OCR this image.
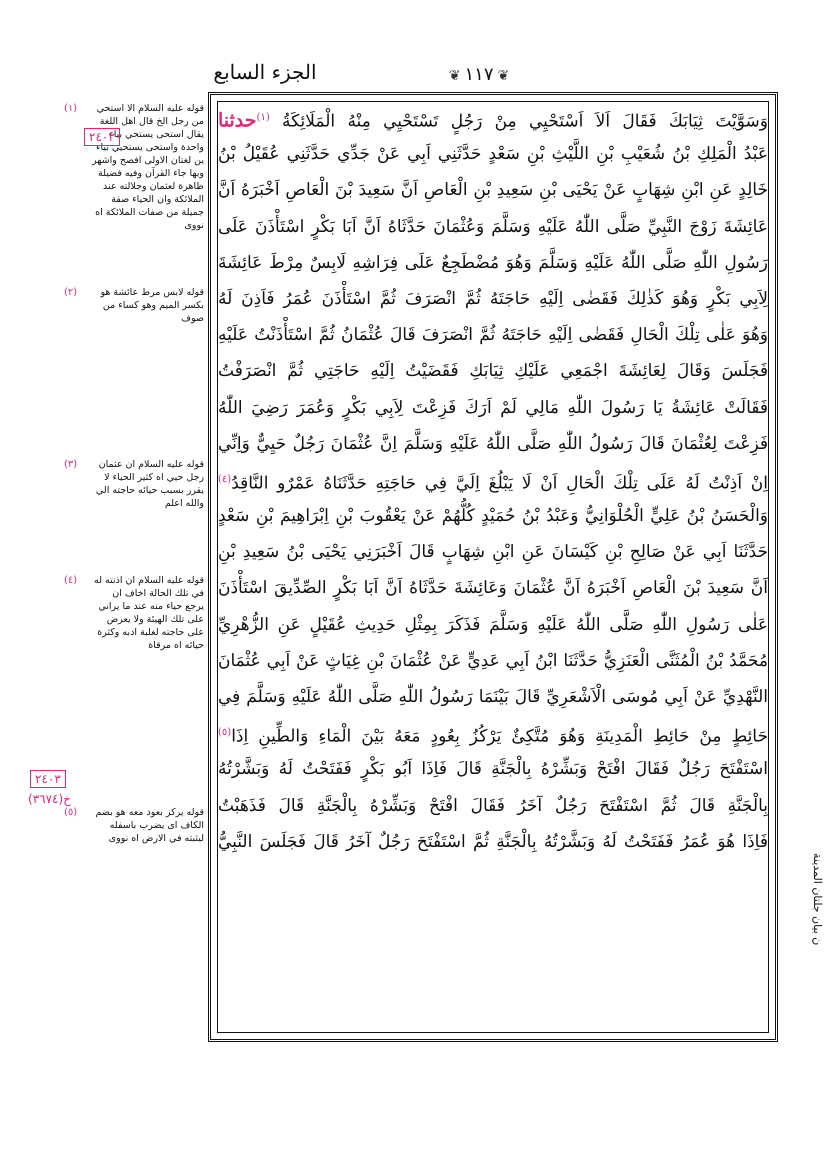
الجزء السابع
❦	١١٧ ❦
وَسَوَّيْتَ ثِيَابَكَ فَقَالَ اَلاَ اَسْتَحْيِي مِنْ رَجُلٍ تَسْتَحْيِي مِنْهُ الْمَلَائِكَةُ $^{(١)}$حدثنا
عَبْدُ الْمَلِكِ بْنُ شُعَيْبِ بْنِ اللَّيْثِ بْنِ سَعْدٍ حَدَّثَنِي اَبِي عَنْ جَدِّي حَدَّثَنِي عُقَيْلُ بْنُ
خَالِدٍ عَنِ ابْنِ شِهَابٍ عَنْ يَحْيَى بْنِ سَعِيدِ بْنِ الْعَاصِ اَنَّ سَعِيدَ بْنَ الْعَاصِ اَخْبَرَهُ اَنَّ
عَائِشَةَ زَوْجَ النَّبِيِّ صَلَّى اللّٰهُ عَلَيْهِ وَسَلَّمَ وَعُثْمَانَ حَدَّثَاهُ اَنَّ اَبَا بَكْرٍ اسْتَأْذَنَ عَلَى
رَسُولِ اللّٰهِ صَلَّى اللّٰهُ عَلَيْهِ وَسَلَّمَ وَهُوَ مُضْطَجِعٌ عَلَى فِرَاشِهِ لَابِسٌ مِرْطَ عَائِشَةَ
لِاَبِي بَكْرٍ وَهُوَ كَذٰلِكَ فَقَضٰى اِلَيْهِ حَاجَتَهُ ثُمَّ انْصَرَفَ ثُمَّ اسْتَأْذَنَ عُمَرُ فَاَذِنَ لَهُ
وَهُوَ عَلٰى تِلْكَ الْحَالِ فَقَضٰى اِلَيْهِ حَاجَتَهُ ثُمَّ انْصَرَفَ قَالَ عُثْمَانُ ثُمَّ اسْتَأْذَنْتُ عَلَيْهِ
فَجَلَسَ وَقَالَ لِعَائِشَةَ اجْمَعِي عَلَيْكِ ثِيَابَكِ فَقَضَيْتُ اِلَيْهِ حَاجَتِي ثُمَّ انْصَرَفْتُ
فَقَالَتْ عَائِشَةُ يَا رَسُولَ اللّٰهِ مَالِي لَمْ اَرَكَ فَزِعْتَ لِاَبِي بَكْرٍ وَعُمَرَ رَضِيَ اللّٰهُ
فَزِعْتَ لِعُثْمَانَ قَالَ رَسُولُ اللّٰهِ صَلَّى اللّٰهُ عَلَيْهِ وَسَلَّمَ اِنَّ عُثْمَانَ رَجُلٌ حَيِيٌّ وَاِنِّي
اِنْ اَذِنْتُ لَهُ عَلَى تِلْكَ الْحَالِ اَنْ لَا يَبْلُغَ اِلَيَّ فِي حَاجَتِهِ حَدَّثَنَاهُ عَمْرٌو النَّاقِدُ$^{(٤)}$
وَالْحَسَنُ بْنُ عَلِيٍّ الْحُلْوَانِيُّ وَعَبْدُ بْنُ حُمَيْدٍ كُلُّهُمْ عَنْ يَعْقُوبَ بْنِ اِبْرَاهِيمَ بْنِ سَعْدٍ
حَدَّثَنَا اَبِي عَنْ صَالِحِ بْنِ كَيْسَانَ عَنِ ابْنِ شِهَابٍ قَالَ اَخْبَرَنِي يَحْيَى بْنُ سَعِيدِ بْنِ
اَنَّ سَعِيدَ بْنَ الْعَاصِ اَخْبَرَهُ اَنَّ عُثْمَانَ وَعَائِشَةَ حَدَّثَاهُ اَنَّ اَبَا بَكْرٍ الصِّدِّيقَ اسْتَأْذَنَ
عَلٰى رَسُولِ اللّٰهِ صَلَّى اللّٰهُ عَلَيْهِ وَسَلَّمَ فَذَكَرَ بِمِثْلِ حَدِيثِ عُقَيْلٍ عَنِ الزُّهْرِيِّ
مُحَمَّدُ بْنُ الْمُثَنَّى الْعَنَزِيُّ حَدَّثَنَا ابْنُ اَبِي عَدِيٍّ عَنْ عُثْمَانَ بْنِ غِيَاثٍ عَنْ اَبِي عُثْمَانَ
النَّهْدِيِّ عَنْ اَبِي مُوسَى الْاَشْعَرِيِّ قَالَ بَيْنَمَا رَسُولُ اللّٰهِ صَلَّى اللّٰهُ عَلَيْهِ وَسَلَّمَ فِي
حَائِطٍ مِنْ حَائِطِ الْمَدِينَةِ وَهُوَ مُتَّكِئٌ يَرْكُزُ بِعُودٍ مَعَهُ بَيْنَ الْمَاءِ وَالطِّينِ اِذَا$^{(٥)}$
اسْتَفْتَحَ رَجُلٌ فَقَالَ افْتَحْ وَبَشِّرْهُ بِالْجَنَّةِ قَالَ فَاِذَا اَبُو بَكْرٍ فَفَتَحْتُ لَهُ وَبَشَّرْتُهُ
بِالْجَنَّةِ قَالَ ثُمَّ اسْتَفْتَحَ رَجُلٌ آخَرُ فَقَالَ افْتَحْ وَبَشِّرْهُ بِالْجَنَّةِ قَالَ فَذَهَبْتُ
فَاِذَا هُوَ عُمَرُ فَفَتَحْتُ لَهُ وَبَشَّرْتُهُ بِالْجَنَّةِ ثُمَّ اسْتَفْتَحَ رَجُلٌ آخَرُ قَالَ فَجَلَسَ النَّبِيُّ
(١)	قوله عليه السلام الا استحي من رجل الخ قال اهل اللغة يقال استحى يستحي بياء واحدة واستحى يستحيي بياء ين لغتان الاولى افصح واشهر وبها جاء القرآن وفيه فضيلة ظاهرة لعثمان وجلالته عند الملائكة وان الحياء صفة جميلة من صفات الملائكة اه نووى
(٢)	قوله لابس مرط عائشة هو بكسر الميم وهو كساء من صوف
(٣)	قوله عليه السلام ان عثمان رجل حيي اه كثير الحياء لا يقرر بسبب حيائه حاجته الي والله اعلم
(٤) قوله عليه السلام ان اذنته له في تلك الحالة اخاف ان يرجع حياء منه عند ما يراني على تلك الهيئة ولا يعرض على حاجته لغلبة ادبه وكثرة حيائه اه مرقاة
(٥)	قوله يركز بعود معه هو بضم الكاف اى يضرب باسفله ليثبته في الارض اه نووى
٢٤٠٢
٢٤٠٣
خ(٣٦٧٤)
ن بيان جلتان المدينة
